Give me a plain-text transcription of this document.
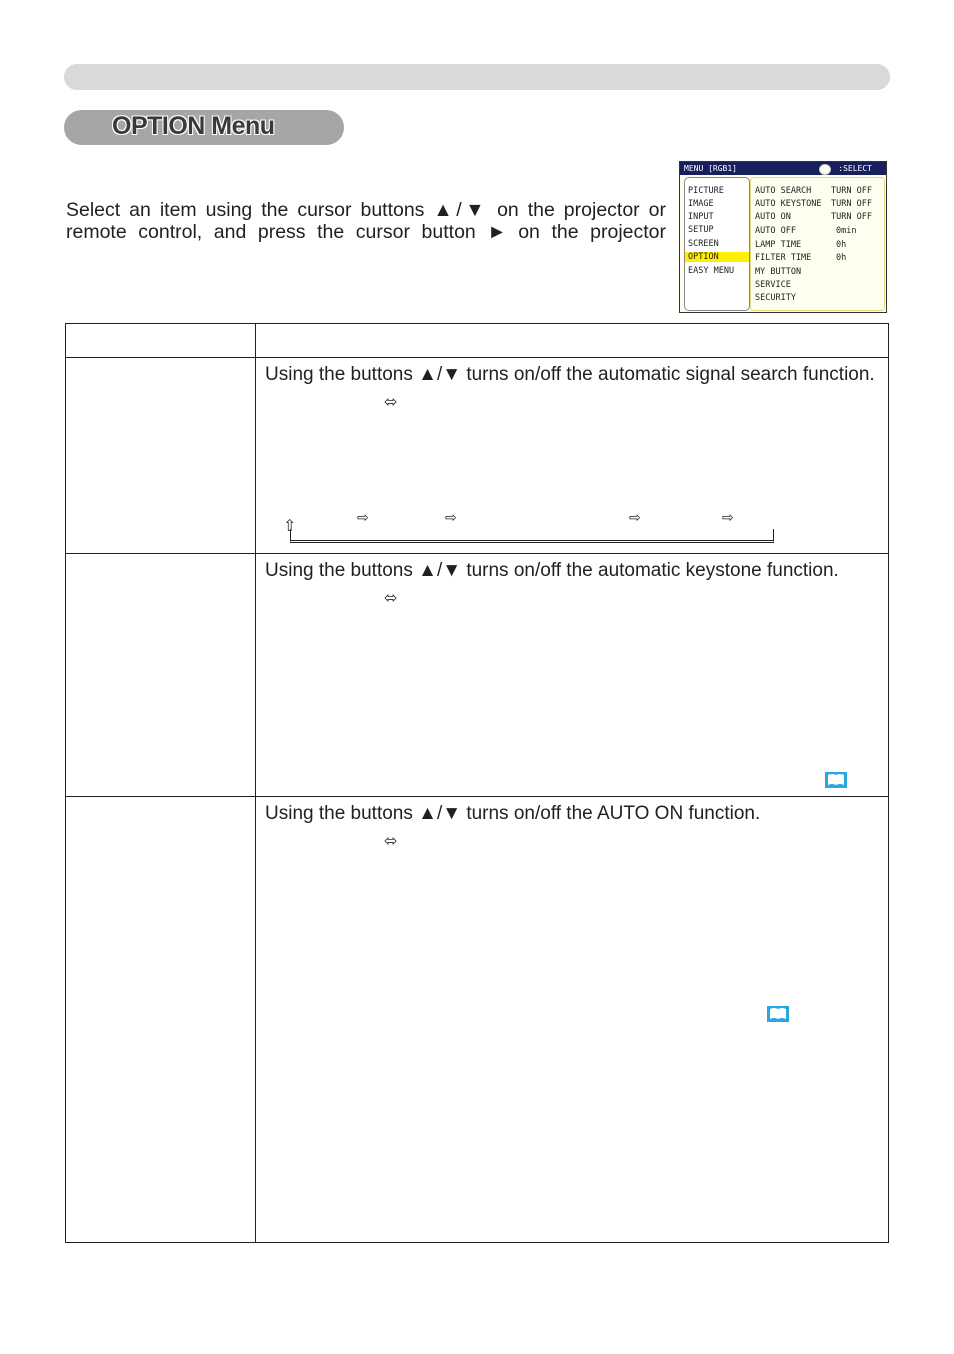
OPTION Menu

Select an item using the cursor buttons ▲/▼ on the projector or

remote control, and press the cursor button ► on the projector

MENU [RGB1]	:SELECT
PICTURE
IMAGE
INPUT
SETUP
SCREEN
OPTION
EASY MENU
AUTO SEARCH TURN OFF
AUTO KEYSTONE TURN OFF
AUTO ON	TURN OFF
AUTO OFF	0min
LAMP TIME	0h
FILTER TIME	0h
MY BUTTON
SERVICE
SECURITY
Using the buttons ▲/▼ turns on/off the automatic signal search function.
⬄
⇨	⇨	⇨	⇨
⇧
Using the buttons ▲/▼ turns on/off the automatic keystone function.
⬄
Using the buttons ▲/▼ turns on/off the AUTO ON function.
⬄
